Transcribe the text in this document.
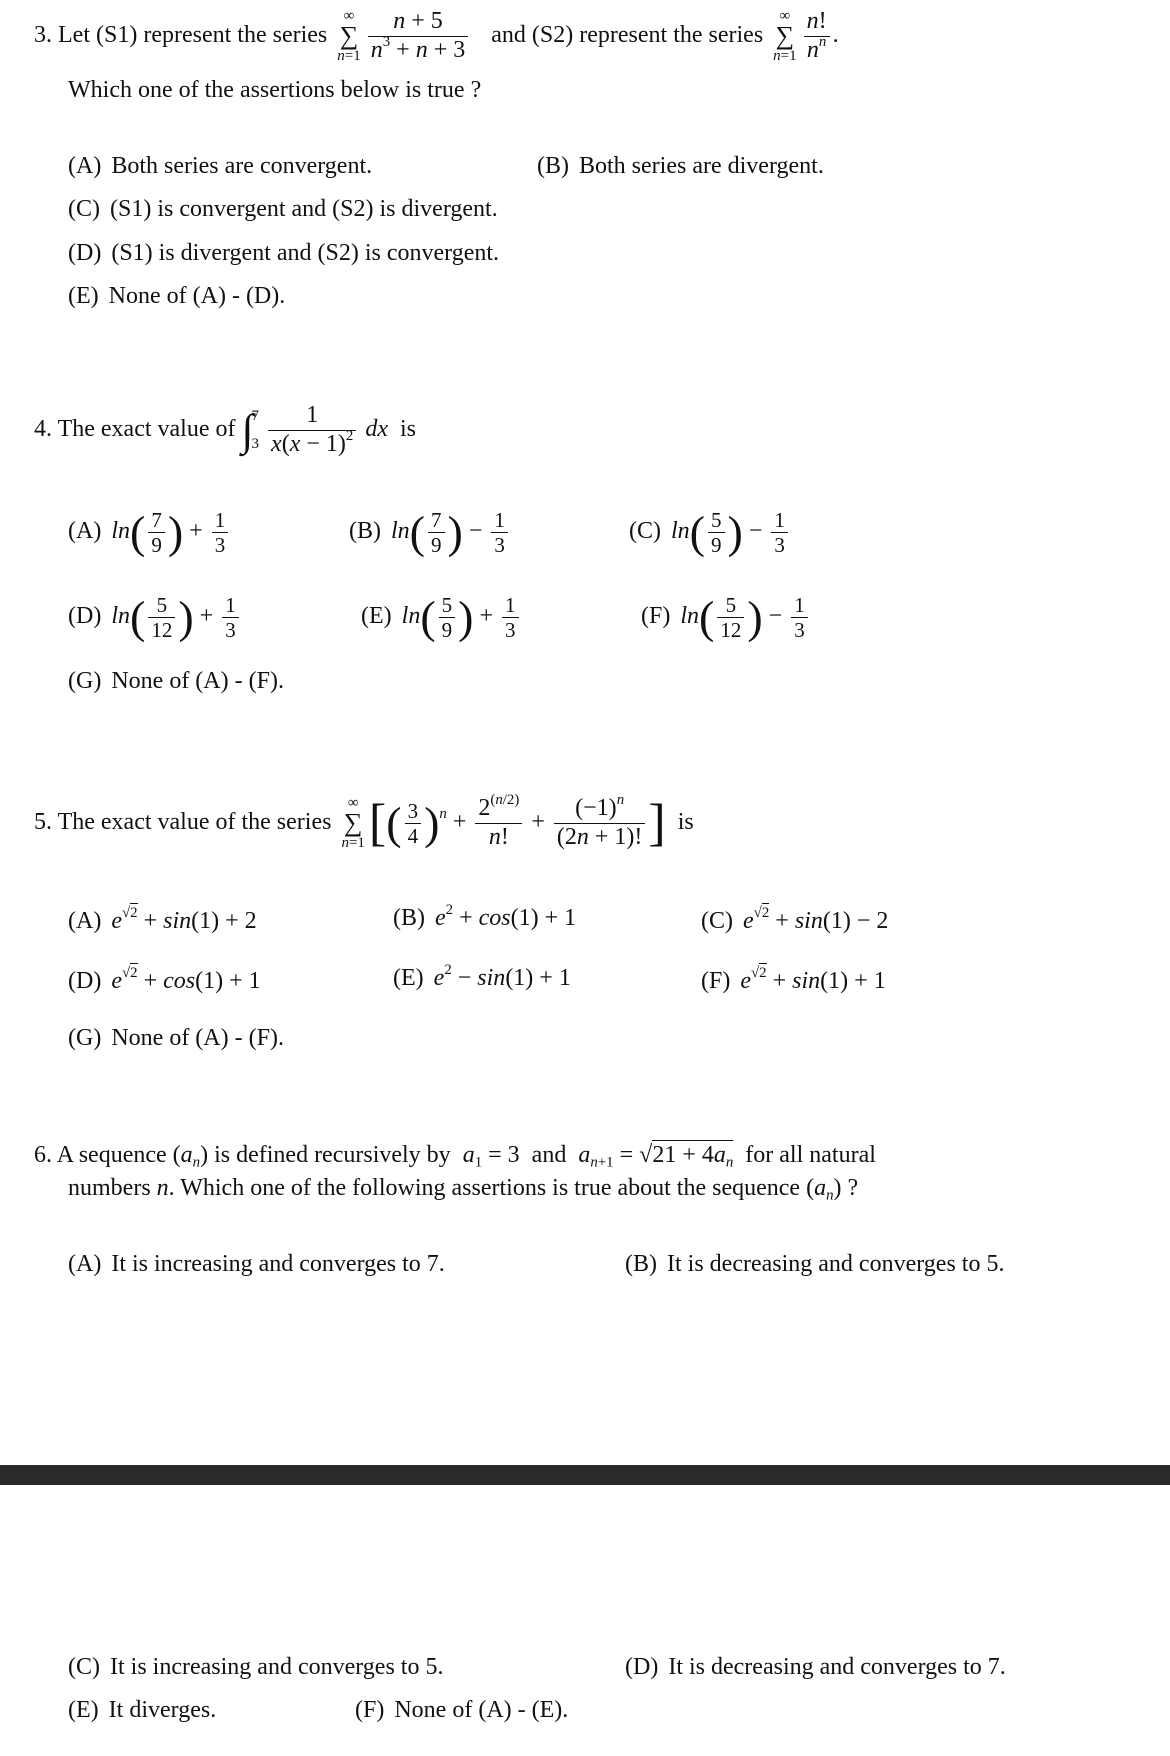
3. Let (S1) represent the series
∞
∑
$n=1 \frac{n + 5}{n^3 + n + 3}$ and (S2) represent the series
∞
∑
$n=1 \frac{n!}{n^n}$ .
Which one of the assertions below is true ?
(A) Both series are convergent.	(B) Both series are divergent.
(C) (S1) is convergent and (S2) is divergent.
(D) (S1) is divergent and (S2) is convergent.
(E) None of (A) - (D).
4. The exact value of ∫
7
3
$\frac{1}{x(x - 1)^2}$ dx is
(A) $\ln( \frac{7}{9}$ ) + $\frac{1}{3}$	(B) $\ln( \frac{7}{9}$ ) − $\frac{1}{3}$	(C) $\ln( \frac{5}{9}$ ) − $\frac{1}{3}$
(D) $\ln( \frac{5}{12}$ ) + $\frac{1}{3}$	(E) $\ln( \frac{5}{9}$ ) + $\frac{1}{3}$	(F) $\ln( \frac{5}{12}$ ) − $\frac{1}{3}$
(G) None of (A) - (F).
5. The exact value of the series
∞
∑
n=1 [( $\frac{3}{4} )^n + \frac{2^{(n/2)}}{n!} + \frac{(-1)^n}{(2n + 1)!}$ ] is
(A) $e^{√2} + \sin(1) + 2$	(B) $e^2 + \cos(1) + 1$	(C) $e^{√2} + \sin(1) - 2$
(D) $e^{√2} + \cos(1) + 1$	(E) $e^2 - \sin(1) + 1$	(F) $e^{√2} + \sin(1) + 1$
(G) None of (A) - (F).
6. A sequence $(a_n)$ is defined recursively by $a_1 = 3$  and $a_{n+1} = √21 + 4a_n$ for all natural
numbers n. Which one of the following assertions is true about the sequence $(a_n)$ ?
(A) It is increasing and converges to 7.	(B) It is decreasing and converges to 5.
(C) It is increasing and converges to 5.	(D) It is decreasing and converges to 7.
(E) It diverges.	(F) None of (A) - (E).
